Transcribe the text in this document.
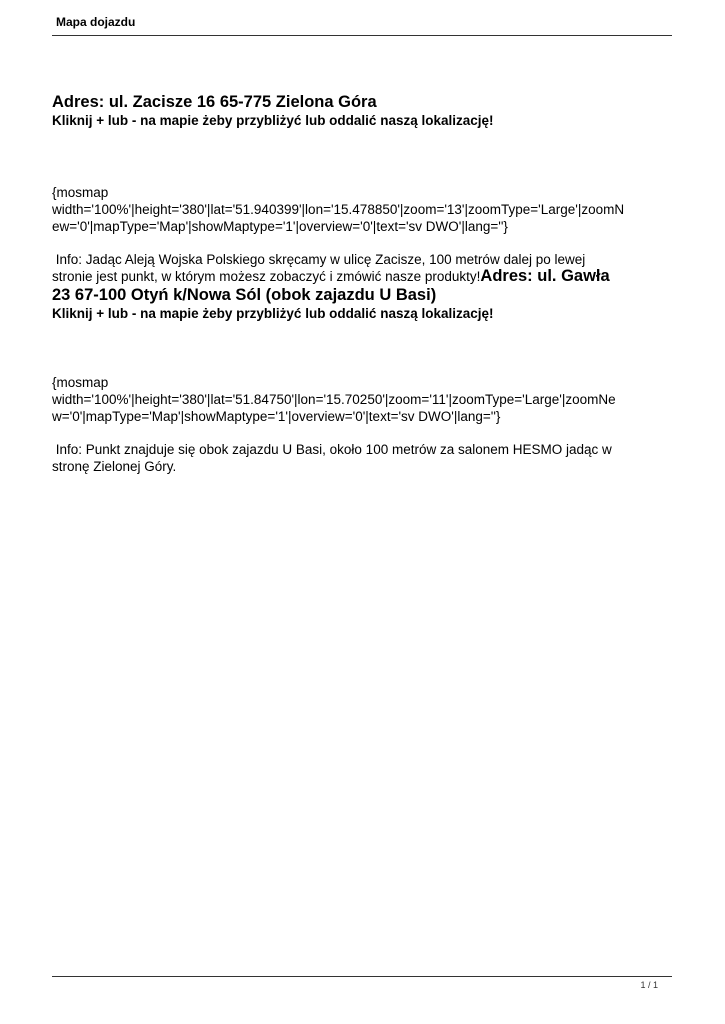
Mapa dojazdu

Adres: ul. Zacisze 16 65-775 Zielona Góra

Kliknij + lub - na mapie żeby przybliżyć lub oddalić naszą lokalizację!

{mosmap

width='100%'|height='380'|lat='51.940399'|lon='15.478850'|zoom='13'|zoomType='Large'|zoomN

ew='0'|mapType='Map'|showMaptype='1'|overview='0'|text='sv DWO'|lang=''}

Info: Jadąc Aleją Wojska Polskiego skręcamy w ulicę Zacisze, 100 metrów dalej po lewej

stronie jest punkt, w którym możesz zobaczyć i zmówić nasze produkty!Adres: ul. Gawła

23 67-100 Otyń k/Nowa Sól (obok zajazdu U Basi)

Kliknij + lub - na mapie żeby przybliżyć lub oddalić naszą lokalizację!

{mosmap

width='100%'|height='380'|lat='51.84750'|lon='15.70250'|zoom='11'|zoomType='Large'|zoomNe

w='0'|mapType='Map'|showMaptype='1'|overview='0'|text='sv DWO'|lang=''}

Info: Punkt znajduje się obok zajazdu U Basi, około 100 metrów za salonem HESMO jadąc w

stronę Zielonej Góry.

1 / 1
